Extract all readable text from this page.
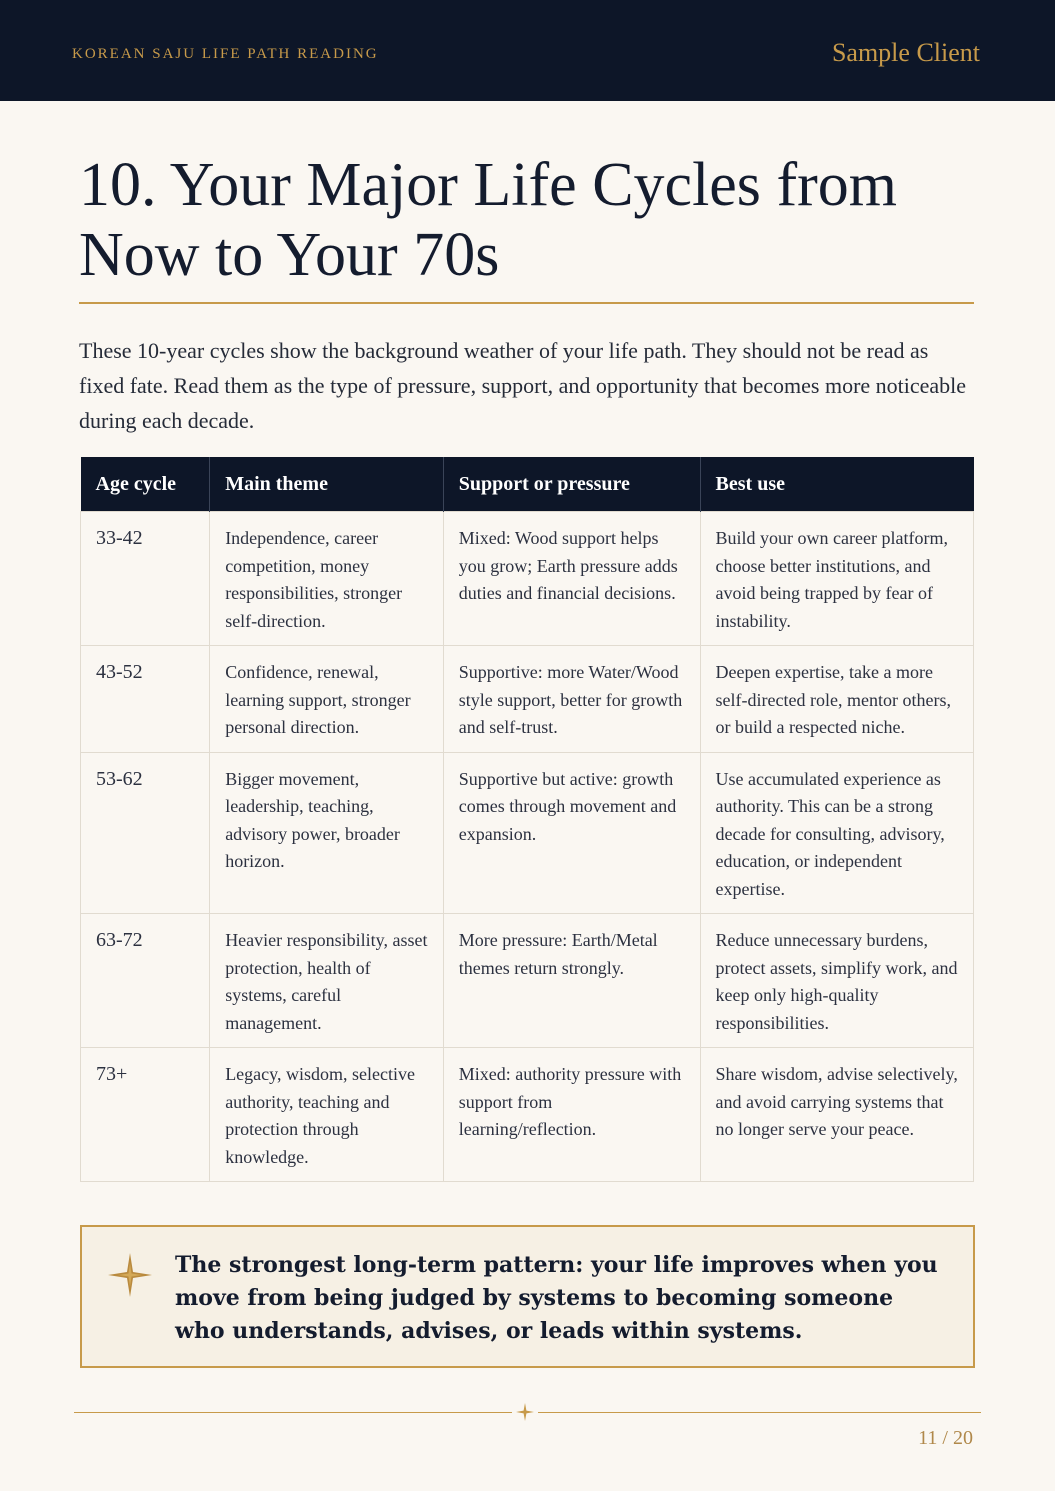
KOREAN SAJU LIFE PATH READING	Sample Client
10. Your Major Life Cycles from Now to Your 70s

These 10-year cycles show the background weather of your life path. They should not be read as fixed fate. Read them as the type of pressure, support, and opportunity that becomes more noticeable during each decade.

Age cycle	Main theme	Support or pressure	Best use
33-42	Independence, career competition, money responsibilities, stronger self-direction.	Mixed: Wood support helps you grow; Earth pressure adds duties and financial decisions.	Build your own career platform, choose better institutions, and avoid being trapped by fear of instability.
43-52	Confidence, renewal, learning support, stronger personal direction.	Supportive: more Water/Wood style support, better for growth and self-trust.	Deepen expertise, take a more self-directed role, mentor others, or build a respected niche.
53-62	Bigger movement, leadership, teaching, advisory power, broader horizon.	Supportive but active: growth comes through movement and expansion.	Use accumulated experience as authority. This can be a strong decade for consulting, advisory, education, or independent expertise.
63-72	Heavier responsibility, asset protection, health of systems, careful management.	More pressure: Earth/Metal themes return strongly.	Reduce unnecessary burdens, protect assets, simplify work, and keep only high-quality responsibilities.
73+	Legacy, wisdom, selective authority, teaching and protection through knowledge.	Mixed: authority pressure with support from learning/reflection.	Share wisdom, advise selectively, and avoid carrying systems that no longer serve your peace.
The strongest long-term pattern: your life improves when you move from being judged by systems to becoming someone who understands, advises, or leads within systems.
11 / 20
